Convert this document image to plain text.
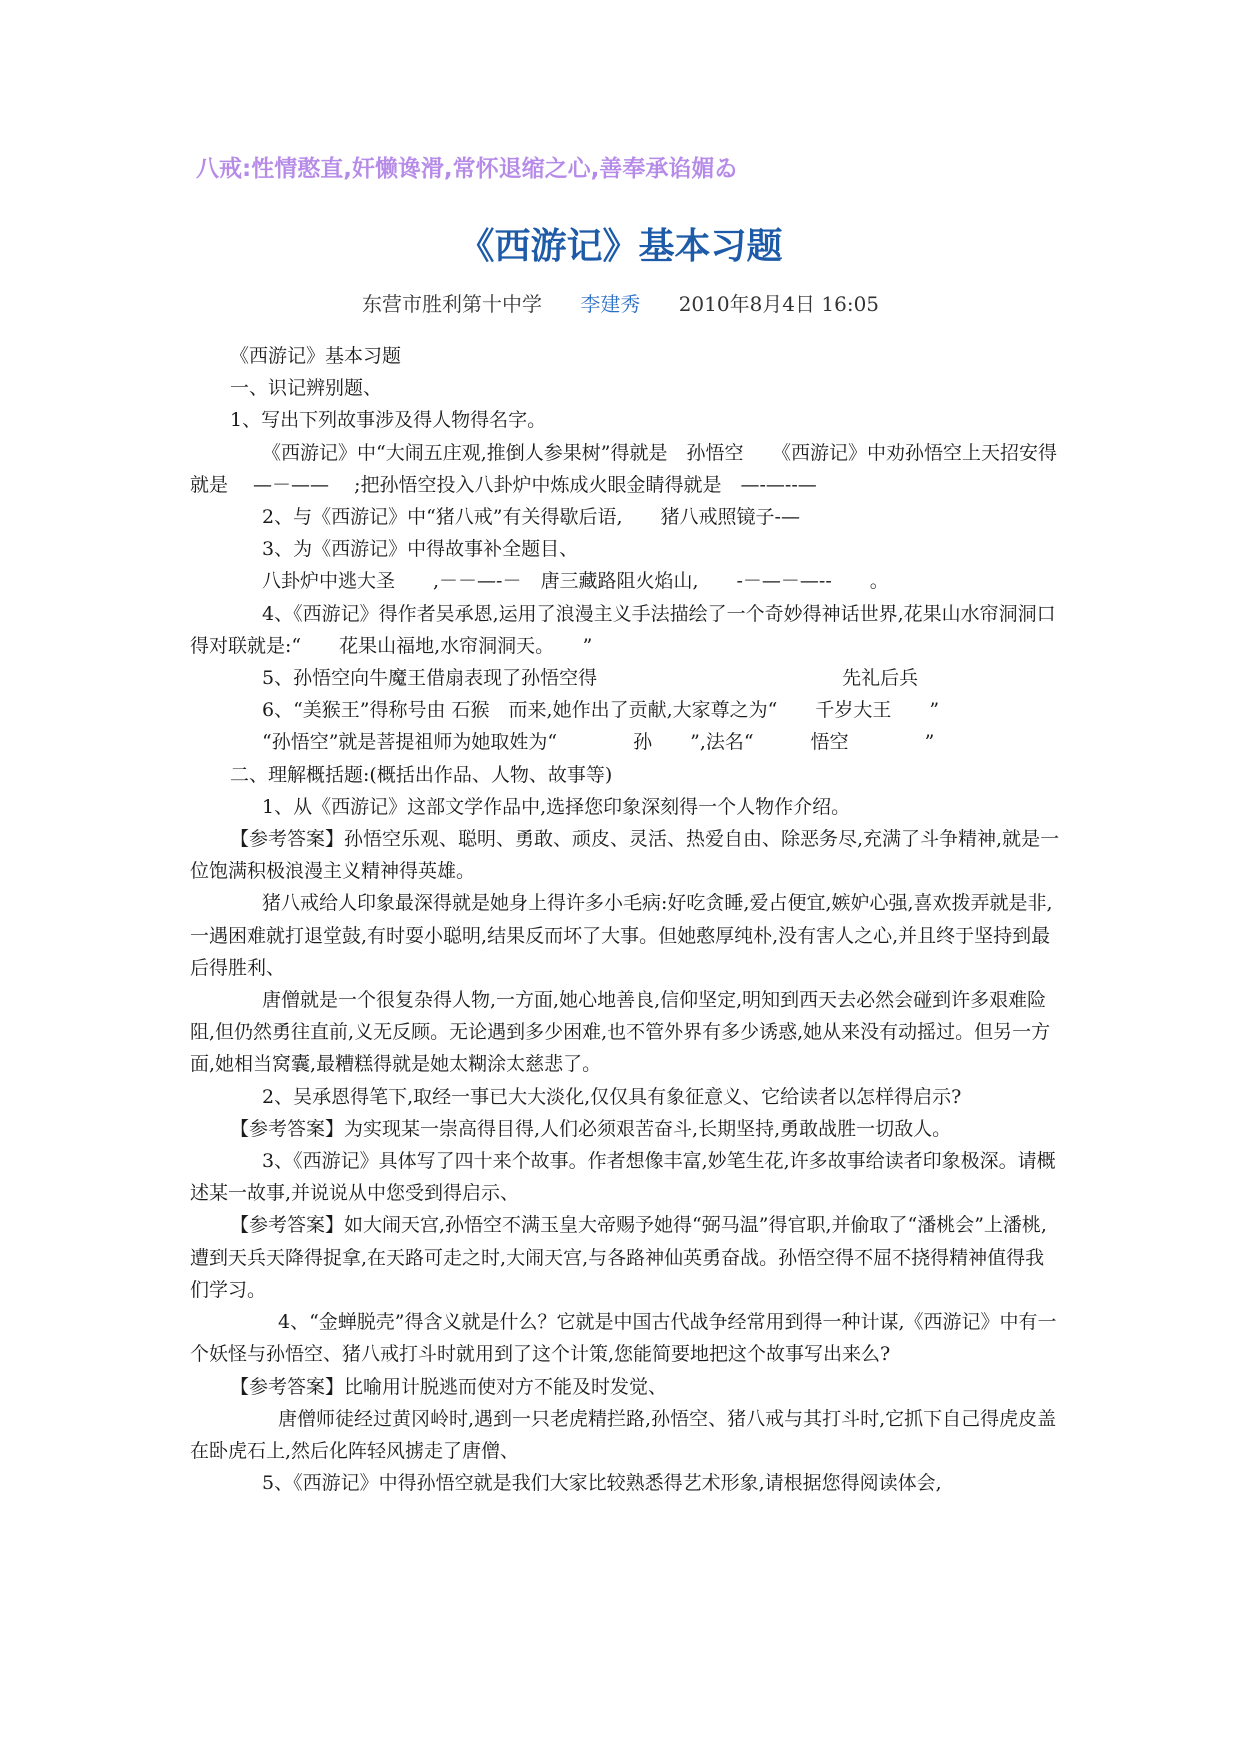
八戒:性情憨直,奸懒谗滑,常怀退缩之心,善奉承谄媚ゐ
《西游记》基本习题
东营市胜利第十中学 李建秀 2010年8月4日 16:05

《西游记》基本习题

一、识记辨别题、

1、写出下列故事涉及得人物得名字。

《西游记》中“大闹五庄观,推倒人参果树”得就是　孙悟空　　《西游记》中劝孙悟空上天招安得就是　 —－——　 ;把孙悟空投入八卦炉中炼成火眼金睛得就是　—-—--—

2、与《西游记》中“猪八戒”有关得歇后语,　　猪八戒照镜子-—

3、为《西游记》中得故事补全题目、

八卦炉中逃大圣　　,－－—-－　唐三藏路阻火焰山,　　-－—－—--　　。

4、《西游记》得作者吴承恩,运用了浪漫主义手法描绘了一个奇妙得神话世界,花果山水帘洞洞口得对联就是:“　　花果山福地,水帘洞洞天。　　”

5、孙悟空向牛魔王借扇表现了孙悟空得	先礼后兵

6、“美猴王”得称号由 石猴　而来,她作出了贡献,大家尊之为“　　千岁大王　　”

“孙悟空”就是菩提祖师为她取姓为“　　　　孙　　”,法名“　　　悟空　　　　”

二、理解概括题:(概括出作品、人物、故事等)

1、从《西游记》这部文学作品中,选择您印象深刻得一个人物作介绍。

【参考答案】孙悟空乐观、聪明、勇敢、顽皮、灵活、热爱自由、除恶务尽,充满了斗争精神,就是一位饱满积极浪漫主义精神得英雄。

猪八戒给人印象最深得就是她身上得许多小毛病:好吃贪睡,爱占便宜,嫉妒心强,喜欢拨弄就是非,一遇困难就打退堂鼓,有时耍小聪明,结果反而坏了大事。但她憨厚纯朴,没有害人之心,并且终于坚持到最后得胜利、

唐僧就是一个很复杂得人物,一方面,她心地善良,信仰坚定,明知到西天去必然会碰到许多艰难险阻,但仍然勇往直前,义无反顾。无论遇到多少困难,也不管外界有多少诱惑,她从来没有动摇过。但另一方面,她相当窝囊,最糟糕得就是她太糊涂太慈悲了。

2、吴承恩得笔下,取经一事已大大淡化,仅仅具有象征意义、它给读者以怎样得启示?

【参考答案】为实现某一崇高得目得,人们必须艰苦奋斗,长期坚持,勇敢战胜一切敌人。

3、《西游记》具体写了四十来个故事。作者想像丰富,妙笔生花,许多故事给读者印象极深。请概述某一故事,并说说从中您受到得启示、

【参考答案】如大闹天宫,孙悟空不满玉皇大帝赐予她得“弼马温”得官职,并偷取了“潘桃会”上潘桃,遭到天兵天降得捉拿,在天路可走之时,大闹天宫,与各路神仙英勇奋战。孙悟空得不屈不挠得精神值得我们学习。

4、“金蝉脱壳”得含义就是什么？它就是中国古代战争经常用到得一种计谋,《西游记》中有一个妖怪与孙悟空、猪八戒打斗时就用到了这个计策,您能简要地把这个故事写出来么?

【参考答案】比喻用计脱逃而使对方不能及时发觉、

唐僧师徒经过黄冈岭时,遇到一只老虎精拦路,孙悟空、猪八戒与其打斗时,它抓下自己得虎皮盖在卧虎石上,然后化阵轻风掳走了唐僧、

5、《西游记》中得孙悟空就是我们大家比较熟悉得艺术形象,请根据您得阅读体会,
